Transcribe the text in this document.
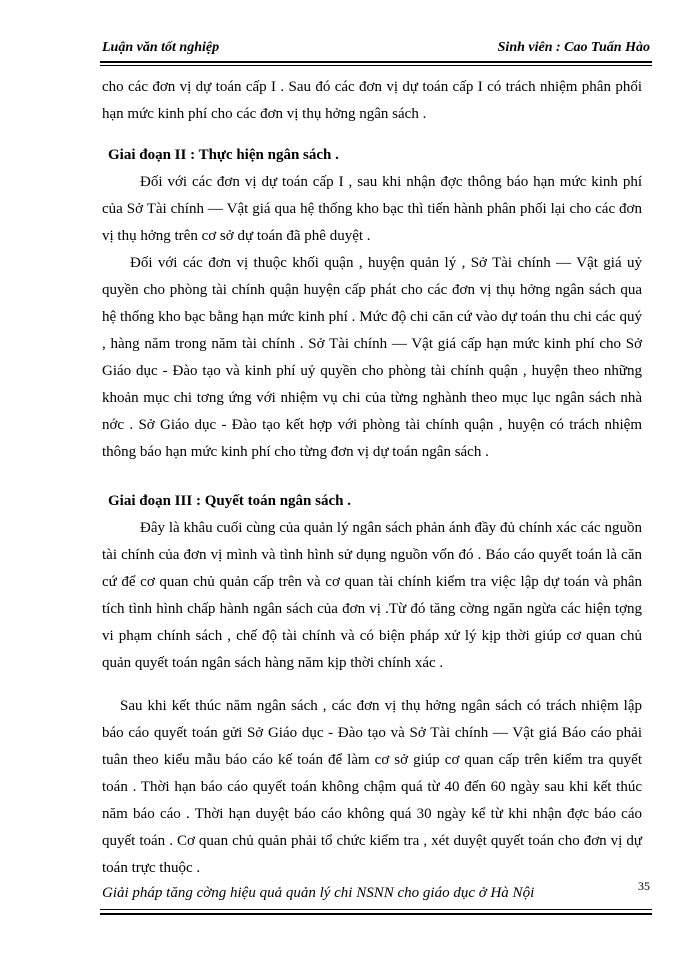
Luận văn tốt nghiệp	Sinh viên : Cao Tuấn Hào

cho các đơn vị dự toán cấp I . Sau đó các đơn vị dự toán cấp I có trách nhiệm phân phối hạn mức kinh phí cho các đơn vị thụ hởng ngân sách .

Giai đoạn II : Thực hiện ngân sách .

Đối với các đơn vị dự toán cấp I , sau khi nhận đợc thông báo hạn mức kinh phí của Sở Tài chính — Vật giá qua hệ thống kho bạc thì tiến hành phân phối lại cho các đơn vị thụ hởng trên cơ sở dự toán đã phê duyệt .

Đối với các đơn vị thuộc khối quận , huyện quản lý , Sở Tài chính — Vật giá uỷ quyền cho phòng tài chính quận huyện cấp phát cho các đơn vị thụ hởng ngân sách qua hệ thống kho bạc bằng hạn mức kinh phí . Mức độ chi căn cứ vào dự toán thu chi các quý , hàng năm trong năm tài chính . Sở Tài chính — Vật giá cấp hạn mức kinh phí cho Sở Giáo dục - Đào tạo và kinh phí uỷ quyền cho phòng tài chính quận , huyện theo những khoản mục chi tơng ứng với nhiệm vụ chi của từng nghành theo mục lục ngân sách nhà nớc . Sở Giáo dục - Đào tạo kết hợp với phòng tài chính quận , huyện có trách nhiệm thông báo hạn mức kinh phí cho từng đơn vị dự toán ngân sách .

Giai đoạn III : Quyết toán ngân sách .

Đây là khâu cuối cùng của quản lý ngân sách phản ánh đầy đủ chính xác các nguồn tài chính của đơn vị mình và tình hình sử dụng nguồn vốn đó . Báo cáo quyết toán là căn cứ để cơ quan chủ quản cấp trên và cơ quan tài chính kiểm tra việc lập dự toán và phân tích tình hình chấp hành ngân sách của đơn vị .Từ đó tăng cờng ngăn ngừa các hiện tợng vi phạm chính sách , chế độ tài chính và có biện pháp xử lý kịp thời giúp cơ quan chủ quản quyết toán ngân sách hàng năm kịp thời chính xác .

Sau khi kết thúc năm ngân sách , các đơn vị thụ hởng ngân sách có trách nhiệm lập báo cáo quyết toán gửi Sở Giáo dục - Đào tạo và Sở Tài chính — Vật giá Báo cáo phải tuân theo kiểu mẫu báo cáo kế toán để làm cơ sở giúp cơ quan cấp trên kiểm tra quyết toán . Thời hạn báo cáo quyết toán không chậm quá từ 40 đến 60 ngày sau khi kết thúc năm báo cáo . Thời hạn duyệt báo cáo không quá 30 ngày kể từ khi nhận đợc báo cáo quyết toán . Cơ quan chủ quản phải tổ chức kiểm tra , xét duyệt quyết toán cho đơn vị dự toán trực thuộc .

Giải pháp tăng cờng hiệu quả quản lý chi NSNN cho giáo dục ở Hà Nội	35
